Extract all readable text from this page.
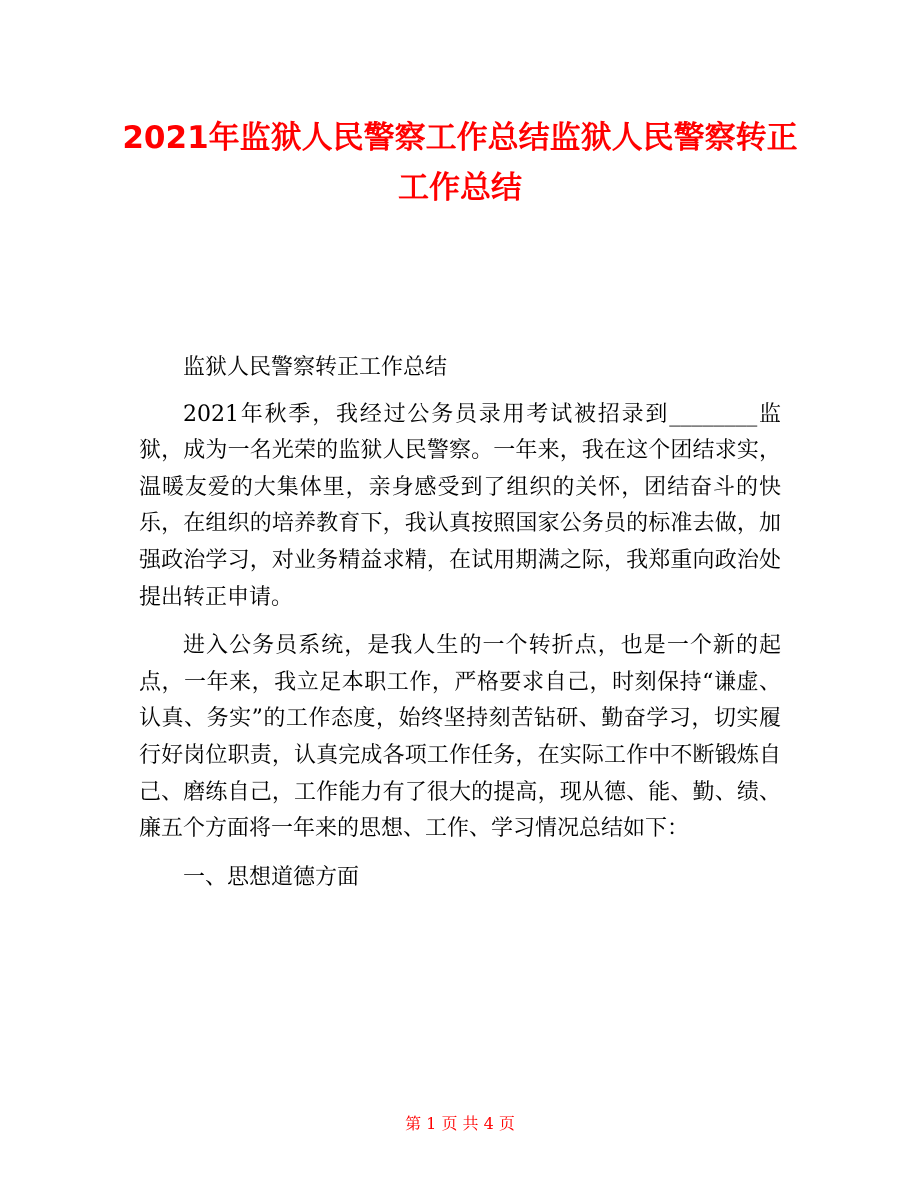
2021年监狱人民警察工作总结监狱人民警察转正工作总结

监狱人民警察转正工作总结

2021年秋季，我经过公务员录用考试被招录到________监狱，成为一名光荣的监狱人民警察。一年来，我在这个团结求实，温暖友爱的大集体里，亲身感受到了组织的关怀，团结奋斗的快乐，在组织的培养教育下，我认真按照国家公务员的标准去做，加强政治学习，对业务精益求精，在试用期满之际，我郑重向政治处提出转正申请。

进入公务员系统，是我人生的一个转折点，也是一个新的起点，一年来，我立足本职工作，严格要求自己，时刻保持“谦虚、认真、务实”的工作态度，始终坚持刻苦钻研、勤奋学习，切实履行好岗位职责，认真完成各项工作任务，在实际工作中不断锻炼自己、磨练自己，工作能力有了很大的提高，现从德、能、勤、绩、廉五个方面将一年来的思想、工作、学习情况总结如下：

一、思想道德方面

第 1 页 共 4 页
